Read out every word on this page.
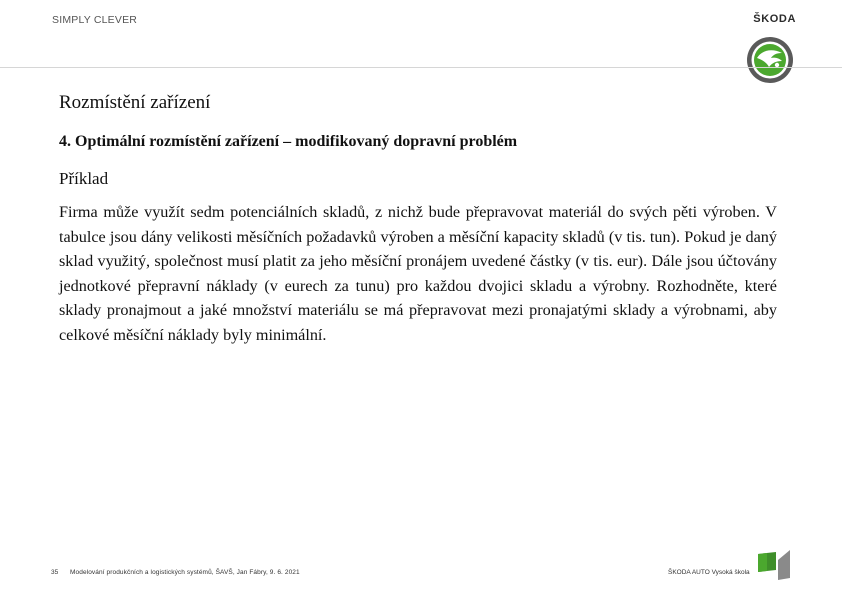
SIMPLY CLEVER	ŠKODA
Rozmístění zařízení
4. Optimální rozmístění zařízení – modifikovaný dopravní problém
Příklad

Firma může využít sedm potenciálních skladů, z nichž bude přepravovat materiál do svých pěti výroben. V tabulce jsou dány velikosti měsíčních požadavků výroben a měsíční kapacity skladů (v tis. tun). Pokud je daný sklad využitý, společnost musí platit za jeho měsíční pronájem uvedené částky (v tis. eur). Dále jsou účtovány jednotkové přepravní náklady (v eurech za tunu) pro každou dvojici skladu a výrobny. Rozhodněte, které sklady pronajmout a jaké množství materiálu se má přepravovat mezi pronajatými sklady a výrobnami, aby celkové měsíční náklady byly minimální.

35 Modelování produkčních a logistických systémů, ŠAVŠ, Jan Fábry, 9. 6. 2021	ŠKODA AUTO Vysoká škola
